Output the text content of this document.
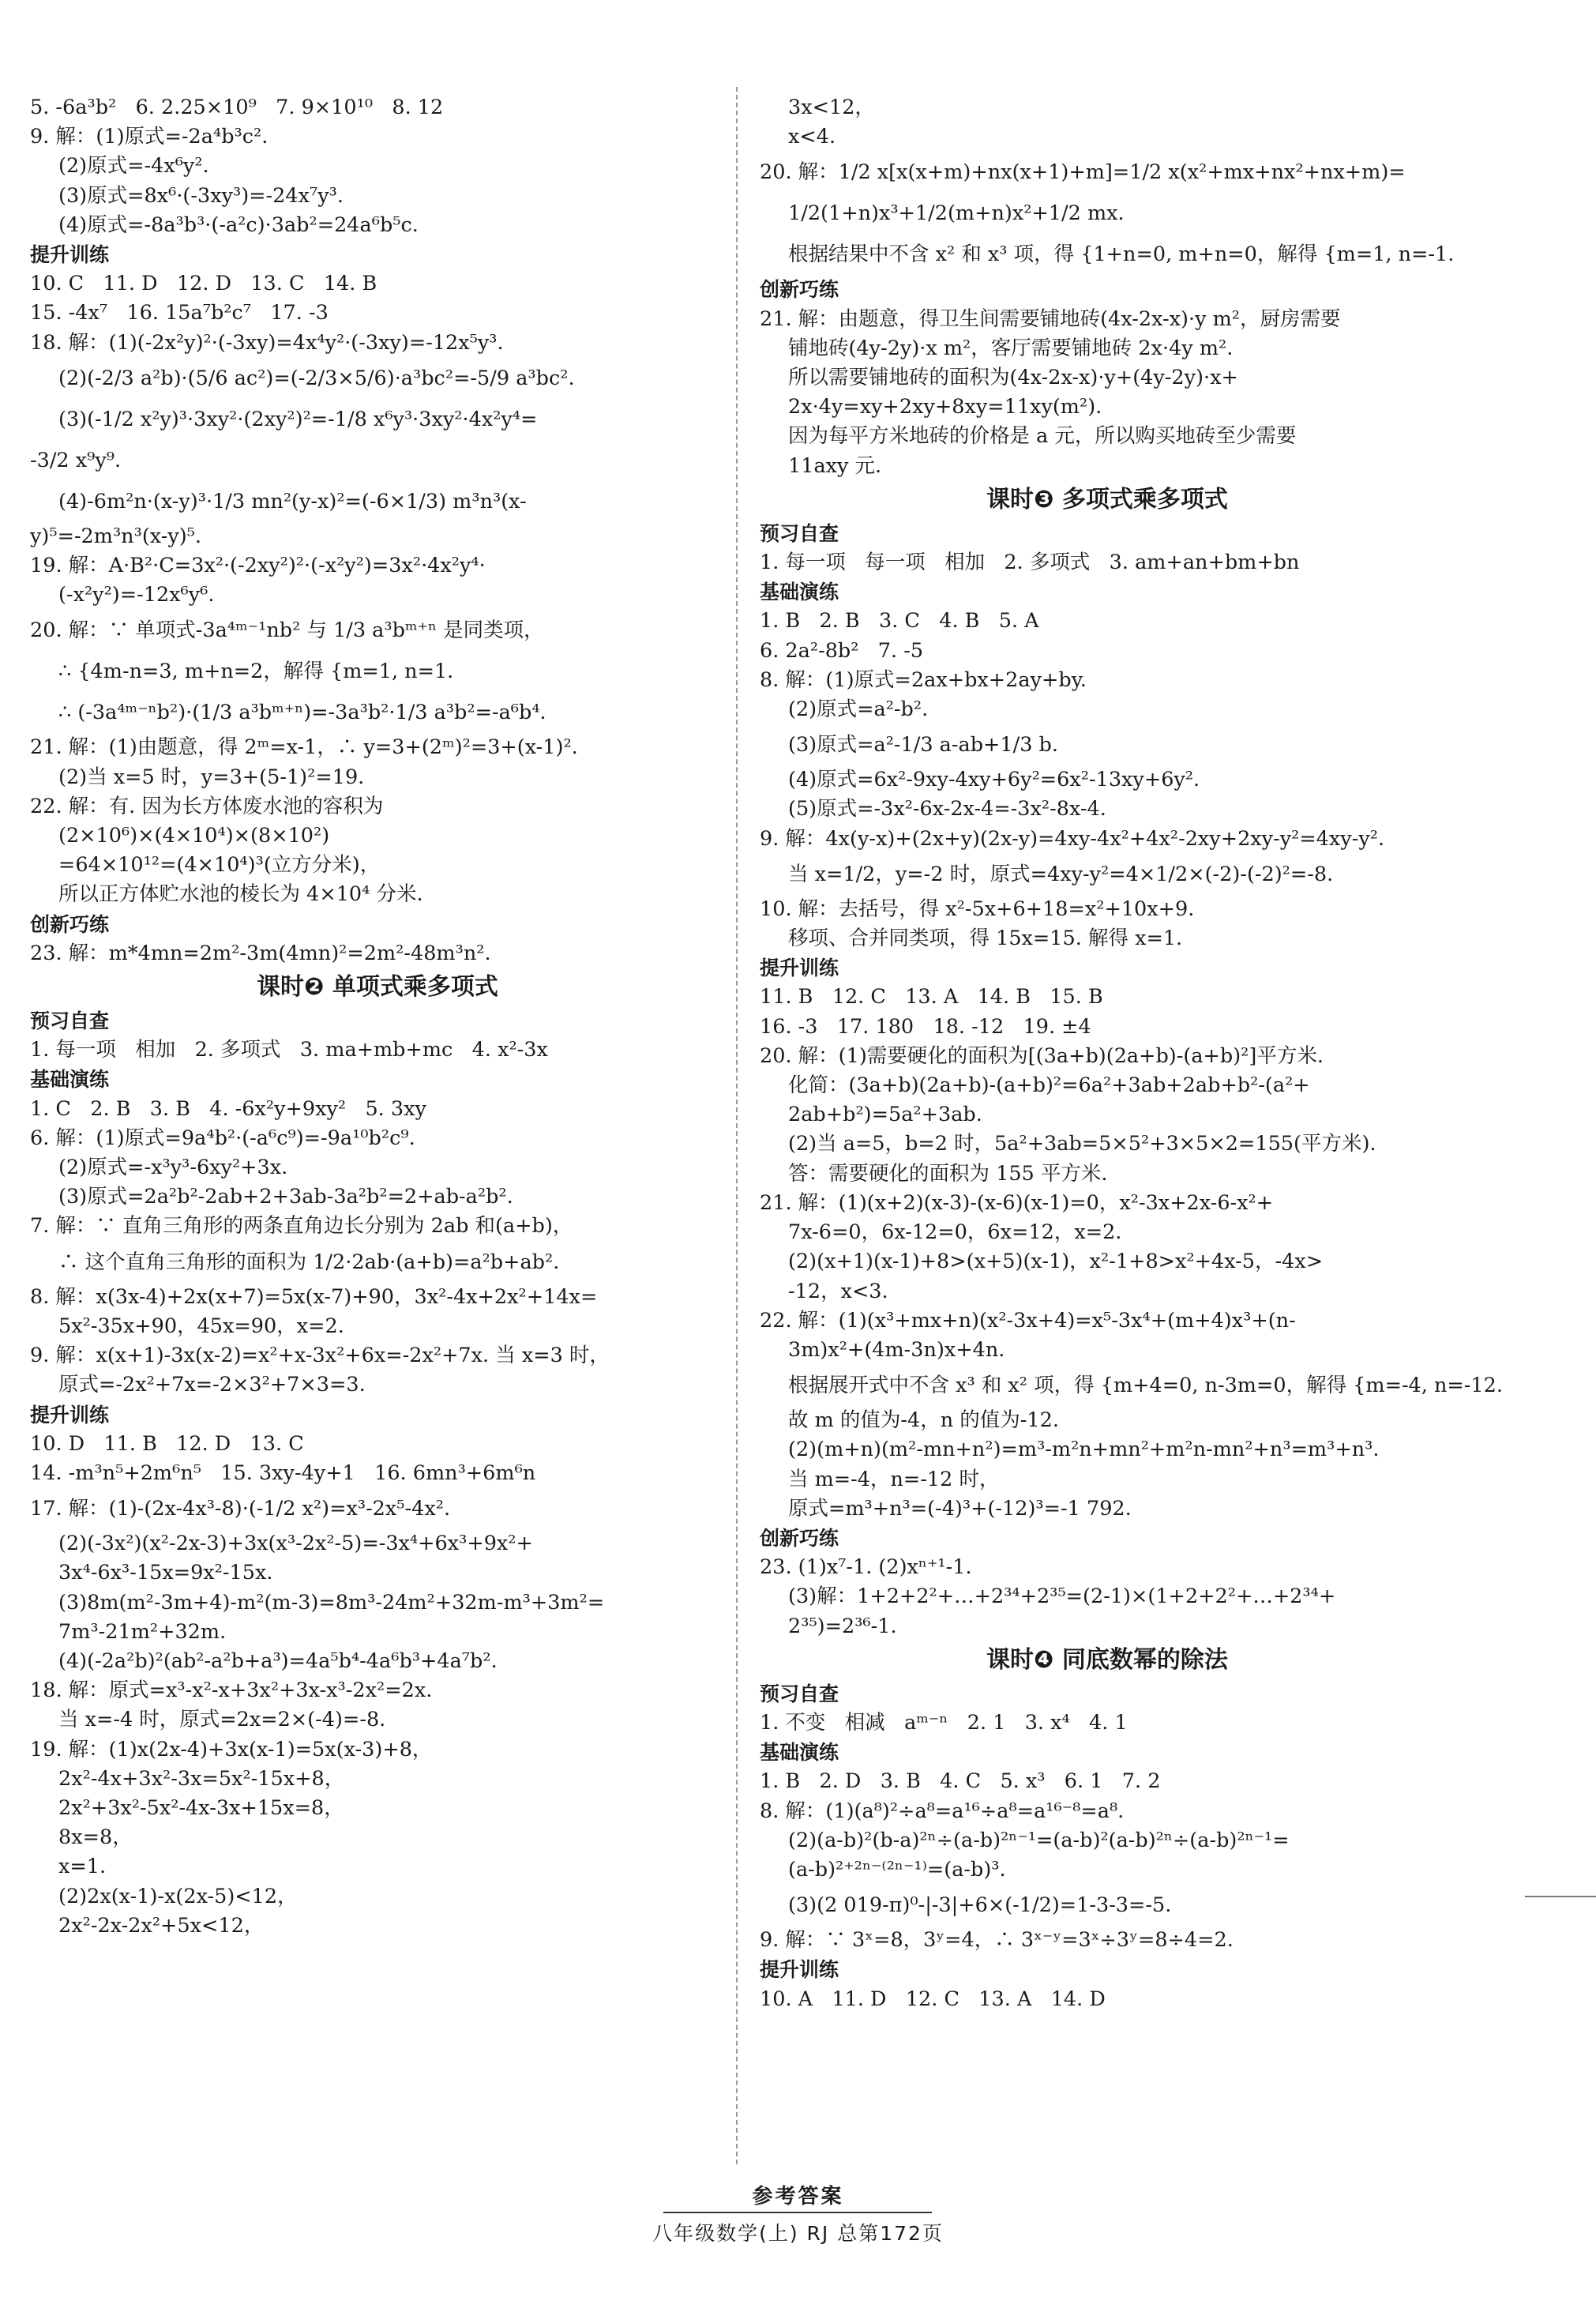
5. -6a³b²   6. 2.25×10⁹   7. 9×10¹⁰   8. 12
9. 解：(1)原式=-2a⁴b³c².
(2)原式=-4x⁶y².
(3)原式=8x⁶·(-3xy³)=-24x⁷y³.
(4)原式=-8a³b³·(-a²c)·3ab²=24a⁶b⁵c.
提升训练
10. C   11. D   12. D   13. C   14. B
15. -4x⁷   16. 15a⁷b²c⁷   17. -3
18. 解：(1)(-2x²y)²·(-3xy)=4x⁴y²·(-3xy)=-12x⁵y³.
(2)(-2/3 a²b)·(5/6 ac²)=(-2/3×5/6)·a³bc²=-5/9 a³bc².
(3)(-1/2 x²y)³·3xy²·(2xy²)²=-1/8 x⁶y³·3xy²·4x²y⁴=
-3/2 x⁹y⁹.
(4)-6m²n·(x-y)³·1/3 mn²(y-x)²=(-6×1/3) m³n³(x-
y)⁵=-2m³n³(x-y)⁵.
19. 解：A·B²·C=3x²·(-2xy²)²·(-x²y²)=3x²·4x²y⁴·
(-x²y²)=-12x⁶y⁶.
20. 解：∵ 单项式-3a⁴ᵐ⁻¹nb² 与 1/3 a³bᵐ⁺ⁿ 是同类项，
∴ {4m-n=3, m+n=2，解得 {m=1, n=1.
∴ (-3a⁴ᵐ⁻ⁿb²)·(1/3 a³bᵐ⁺ⁿ)=-3a³b²·1/3 a³b²=-a⁶b⁴.
21. 解：(1)由题意，得 2ᵐ=x-1，∴ y=3+(2ᵐ)²=3+(x-1)².
(2)当 x=5 时，y=3+(5-1)²=19.
22. 解：有. 因为长方体废水池的容积为
(2×10⁶)×(4×10⁴)×(8×10²)
=64×10¹²=(4×10⁴)³(立方分米)，
所以正方体贮水池的棱长为 4×10⁴ 分米.
创新巧练
23. 解：m*4mn=2m²-3m(4mn)²=2m²-48m³n².
课时❷ 单项式乘多项式
预习自查
1. 每一项   相加   2. 多项式   3. ma+mb+mc   4. x²-3x
基础演练
1. C   2. B   3. B   4. -6x²y+9xy²   5. 3xy
6. 解：(1)原式=9a⁴b²·(-a⁶c⁹)=-9a¹⁰b²c⁹.
(2)原式=-x³y³-6xy²+3x.
(3)原式=2a²b²-2ab+2+3ab-3a²b²=2+ab-a²b².
7. 解：∵ 直角三角形的两条直角边长分别为 2ab 和(a+b)，
∴ 这个直角三角形的面积为 1/2·2ab·(a+b)=a²b+ab².
8. 解：x(3x-4)+2x(x+7)=5x(x-7)+90，3x²-4x+2x²+14x=
5x²-35x+90，45x=90，x=2.
9. 解：x(x+1)-3x(x-2)=x²+x-3x²+6x=-2x²+7x. 当 x=3 时，
原式=-2x²+7x=-2×3²+7×3=3.
提升训练
10. D   11. B   12. D   13. C
14. -m³n⁵+2m⁶n⁵   15. 3xy-4y+1   16. 6mn³+6m⁶n
17. 解：(1)-(2x-4x³-8)·(-1/2 x²)=x³-2x⁵-4x².
(2)(-3x²)(x²-2x-3)+3x(x³-2x²-5)=-3x⁴+6x³+9x²+
3x⁴-6x³-15x=9x²-15x.
(3)8m(m²-3m+4)-m²(m-3)=8m³-24m²+32m-m³+3m²=
7m³-21m²+32m.
(4)(-2a²b)²(ab²-a²b+a³)=4a⁵b⁴-4a⁶b³+4a⁷b².
18. 解：原式=x³-x²-x+3x²+3x-x³-2x²=2x.
当 x=-4 时，原式=2x=2×(-4)=-8.
19. 解：(1)x(2x-4)+3x(x-1)=5x(x-3)+8，
2x²-4x+3x²-3x=5x²-15x+8，
2x²+3x²-5x²-4x-3x+15x=8，
8x=8，
x=1.
(2)2x(x-1)-x(2x-5)<12，
2x²-2x-2x²+5x<12，
3x<12，
x<4.
20. 解：1/2 x[x(x+m)+nx(x+1)+m]=1/2 x(x²+mx+nx²+nx+m)=
1/2(1+n)x³+1/2(m+n)x²+1/2 mx.
根据结果中不含 x² 和 x³ 项，得 {1+n=0, m+n=0，解得 {m=1, n=-1.
创新巧练
21. 解：由题意，得卫生间需要铺地砖(4x-2x-x)·y m²，厨房需要
铺地砖(4y-2y)·x m²，客厅需要铺地砖 2x·4y m².
所以需要铺地砖的面积为(4x-2x-x)·y+(4y-2y)·x+
2x·4y=xy+2xy+8xy=11xy(m²).
因为每平方米地砖的价格是 a 元，所以购买地砖至少需要
11axy 元.
课时❸ 多项式乘多项式
预习自查
1. 每一项   每一项   相加   2. 多项式   3. am+an+bm+bn
基础演练
1. B   2. B   3. C   4. B   5. A
6. 2a²-8b²   7. -5
8. 解：(1)原式=2ax+bx+2ay+by.
(2)原式=a²-b².
(3)原式=a²-1/3 a-ab+1/3 b.
(4)原式=6x²-9xy-4xy+6y²=6x²-13xy+6y².
(5)原式=-3x²-6x-2x-4=-3x²-8x-4.
9. 解：4x(y-x)+(2x+y)(2x-y)=4xy-4x²+4x²-2xy+2xy-y²=4xy-y².
当 x=1/2，y=-2 时，原式=4xy-y²=4×1/2×(-2)-(-2)²=-8.
10. 解：去括号，得 x²-5x+6+18=x²+10x+9.
移项、合并同类项，得 15x=15. 解得 x=1.
提升训练
11. B   12. C   13. A   14. B   15. B
16. -3   17. 180   18. -12   19. ±4
20. 解：(1)需要硬化的面积为[(3a+b)(2a+b)-(a+b)²]平方米.
化简：(3a+b)(2a+b)-(a+b)²=6a²+3ab+2ab+b²-(a²+
2ab+b²)=5a²+3ab.
(2)当 a=5，b=2 时，5a²+3ab=5×5²+3×5×2=155(平方米).
答：需要硬化的面积为 155 平方米.
21. 解：(1)(x+2)(x-3)-(x-6)(x-1)=0，x²-3x+2x-6-x²+
7x-6=0，6x-12=0，6x=12，x=2.
(2)(x+1)(x-1)+8>(x+5)(x-1)，x²-1+8>x²+4x-5，-4x>
-12，x<3.
22. 解：(1)(x³+mx+n)(x²-3x+4)=x⁵-3x⁴+(m+4)x³+(n-
3m)x²+(4m-3n)x+4n.
根据展开式中不含 x³ 和 x² 项，得 {m+4=0, n-3m=0，解得 {m=-4, n=-12.
故 m 的值为-4，n 的值为-12.
(2)(m+n)(m²-mn+n²)=m³-m²n+mn²+m²n-mn²+n³=m³+n³.
当 m=-4，n=-12 时，
原式=m³+n³=(-4)³+(-12)³=-1 792.
创新巧练
23. (1)x⁷-1. (2)xⁿ⁺¹-1.
(3)解：1+2+2²+…+2³⁴+2³⁵=(2-1)×(1+2+2²+…+2³⁴+
2³⁵)=2³⁶-1.
课时❹ 同底数幂的除法
预习自查
1. 不变   相减   aᵐ⁻ⁿ   2. 1   3. x⁴   4. 1
基础演练
1. B   2. D   3. B   4. C   5. x³   6. 1   7. 2
8. 解：(1)(a⁸)²÷a⁸=a¹⁶÷a⁸=a¹⁶⁻⁸=a⁸.
(2)(a-b)²(b-a)²ⁿ÷(a-b)²ⁿ⁻¹=(a-b)²(a-b)²ⁿ÷(a-b)²ⁿ⁻¹=
(a-b)²⁺²ⁿ⁻⁽²ⁿ⁻¹⁾=(a-b)³.
(3)(2 019-π)⁰-|-3|+6×(-1/2)=1-3-3=-5.
9. 解：∵ 3ˣ=8，3ʸ=4，∴ 3ˣ⁻ʸ=3ˣ÷3ʸ=8÷4=2.
提升训练
10. A   11. D   12. C   13. A   14. D
参考答案
八年级数学(上) RJ 总第172页
